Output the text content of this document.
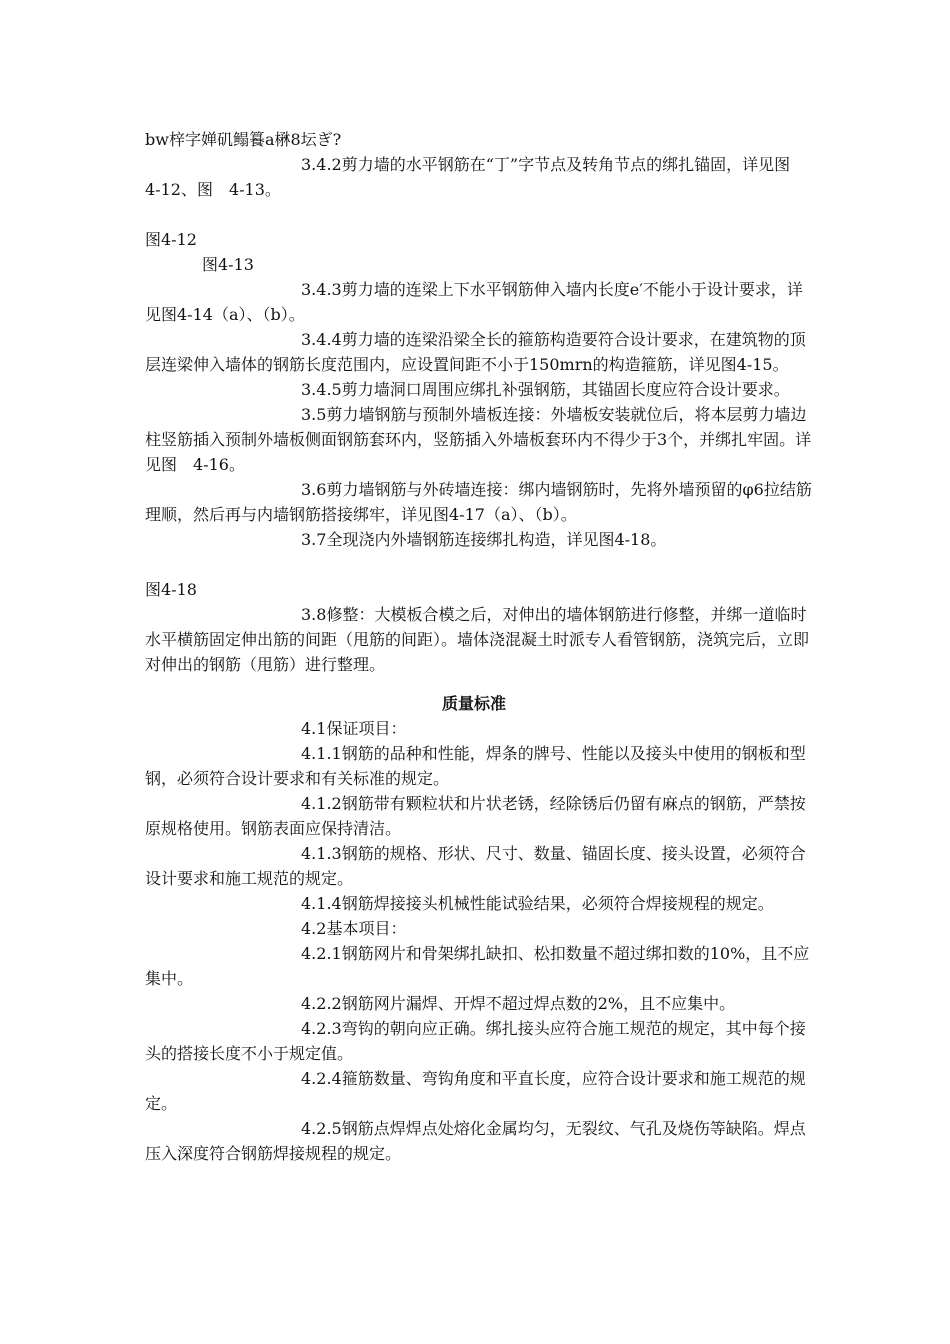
bw梓字婵矶鳎籑a楙8坛ぎ?

3.4.2剪力墙的水平钢筋在“丁”字节点及转角节点的绑扎锚固，详见图　4-12、图　4-13。

图4-12

图4-13

3.4.3剪力墙的连梁上下水平钢筋伸入墙内长度e′不能小于设计要求，详见图4-14（a）、（b）。

3.4.4剪力墙的连梁沿梁全长的箍筋构造要符合设计要求，在建筑物的顶层连梁伸入墙体的钢筋长度范围内，应设置间距不小于150mrn的构造箍筋，详见图4-15。

3.4.5剪力墙洞口周围应绑扎补强钢筋，其锚固长度应符合设计要求。

3.5剪力墙钢筋与预制外墙板连接：外墙板安装就位后，将本层剪力墙边柱竖筋插入预制外墙板侧面钢筋套环内，竖筋插入外墙板套环内不得少于3个，并绑扎牢固。详见图　4-16。

3.6剪力墙钢筋与外砖墙连接：绑内墙钢筋时，先将外墙预留的φ6拉结筋理顺，然后再与内墙钢筋搭接绑牢，详见图4-17（a）、（b）。

3.7全现浇内外墙钢筋连接绑扎构造，详见图4-18。

图4-18

3.8修整：大模板合模之后，对伸出的墙体钢筋进行修整，并绑一道临时水平横筋固定伸出筋的间距（甩筋的间距）。墙体浇混凝土时派专人看管钢筋，浇筑完后，立即对伸出的钢筋（甩筋）进行整理。

质量标准

4.1保证项目：

4.1.1钢筋的品种和性能，焊条的牌号、性能以及接头中使用的钢板和型钢，必须符合设计要求和有关标准的规定。

4.1.2钢筋带有颗粒状和片状老锈，经除锈后仍留有麻点的钢筋，严禁按原规格使用。钢筋表面应保持清洁。

4.1.3钢筋的规格、形状、尺寸、数量、锚固长度、接头设置，必须符合设计要求和施工规范的规定。

4.1.4钢筋焊接接头机械性能试验结果，必须符合焊接规程的规定。

4.2基本项目：

4.2.1钢筋网片和骨架绑扎缺扣、松扣数量不超过绑扣数的10%，且不应集中。

4.2.2钢筋网片漏焊、开焊不超过焊点数的2%，且不应集中。

4.2.3弯钩的朝向应正确。绑扎接头应符合施工规范的规定，其中每个接头的搭接长度不小于规定值。

4.2.4箍筋数量、弯钩角度和平直长度，应符合设计要求和施工规范的规定。

4.2.5钢筋点焊焊点处熔化金属均匀，无裂纹、气孔及烧伤等缺陷。焊点压入深度符合钢筋焊接规程的规定。
